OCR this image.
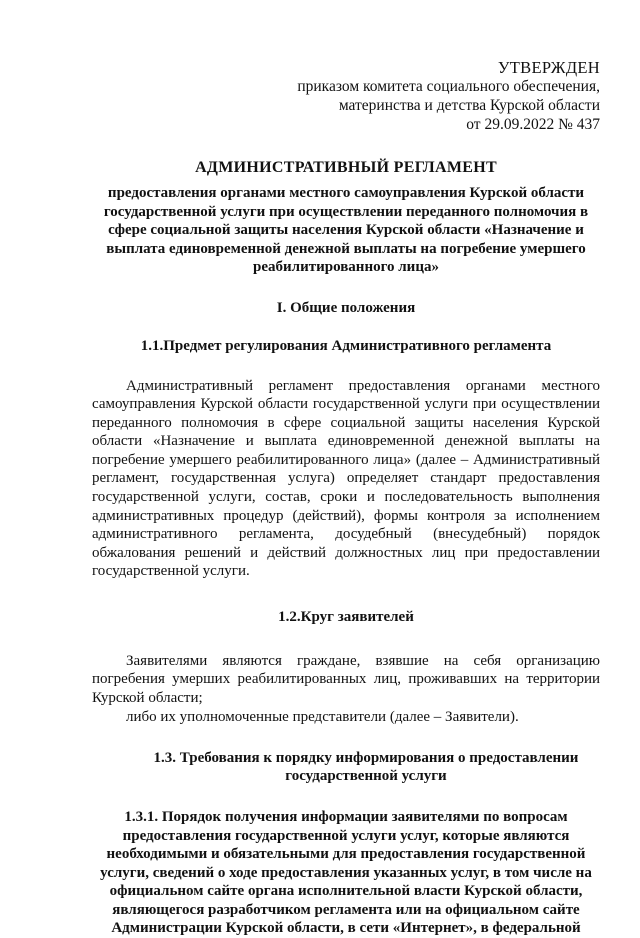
УТВЕРЖДЕН
приказом комитета социального обеспечения,
материнства и детства Курской области
от 29.09.2022 № 437
АДМИНИСТРАТИВНЫЙ РЕГЛАМЕНТ
предоставления органами местного самоуправления Курской области государственной услуги при осуществлении переданного полномочия в сфере социальной защиты населения Курской области «Назначение и выплата единовременной денежной выплаты на погребение умершего реабилитированного лица»
I. Общие положения
1.1.Предмет регулирования Административного регламента

Административный регламент предоставления органами местного самоуправления Курской области государственной услуги при осуществлении переданного полномочия в сфере социальной защиты населения Курской области «Назначение и выплата единовременной денежной выплаты на погребение умершего реабилитированного лица» (далее – Административный регламент, государственная услуга) определяет стандарт предоставления государственной услуги, состав, сроки и последовательность выполнения административных процедур (действий), формы контроля за исполнением административного регламента, досудебный (внесудебный) порядок обжалования решений и действий должностных лиц при предоставлении государственной услуги.

1.2.Круг заявителей

Заявителями являются граждане, взявшие на себя организацию погребения умерших реабилитированных лиц, проживавших на территории Курской области;

либо их уполномоченные представители (далее – Заявители).

1.3. Требования к порядку информирования о предоставлении государственной услуги
1.3.1. Порядок получения информации заявителями по вопросам предоставления государственной услуги услуг, которые являются необходимыми и обязательными для предоставления государственной услуги, сведений о ходе предоставления указанных услуг, в том числе на официальном сайте органа исполнительной власти Курской области, являющегося разработчиком регламента или на официальном сайте Администрации Курской области, в сети «Интернет», в федеральной
